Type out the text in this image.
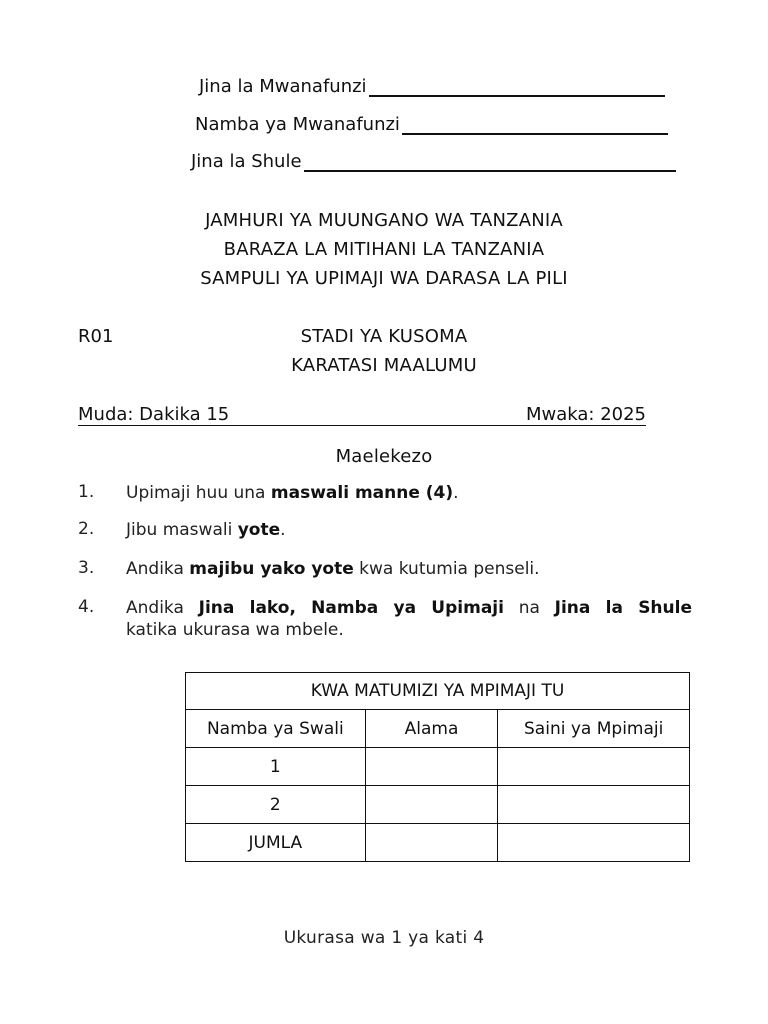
Jina la Mwanafunzi
Namba ya Mwanafunzi
Jina la Shule
JAMHURI YA MUUNGANO WA TANZANIA
BARAZA LA MITIHANI LA TANZANIA
SAMPULI YA UPIMAJI WA DARASA LA PILI
R01	STADI YA KUSOMA
KARATASI MAALUMU
Muda: Dakika 15	Mwaka: 2025
Maelekezo
1. Upimaji huu una maswali manne (4).
2. Jibu maswali yote.
3. Andika majibu yako yote kwa kutumia penseli.
4. Andika Jina lako, Namba ya Upimaji na Jina la Shule
katika ukurasa wa mbele.
KWA MATUMIZI YA MPIMAJI TU		
Namba ya Swali	Alama	Saini ya Mpimaji
1		
2		
JUMLA		
Ukurasa wa 1 ya kati 4
